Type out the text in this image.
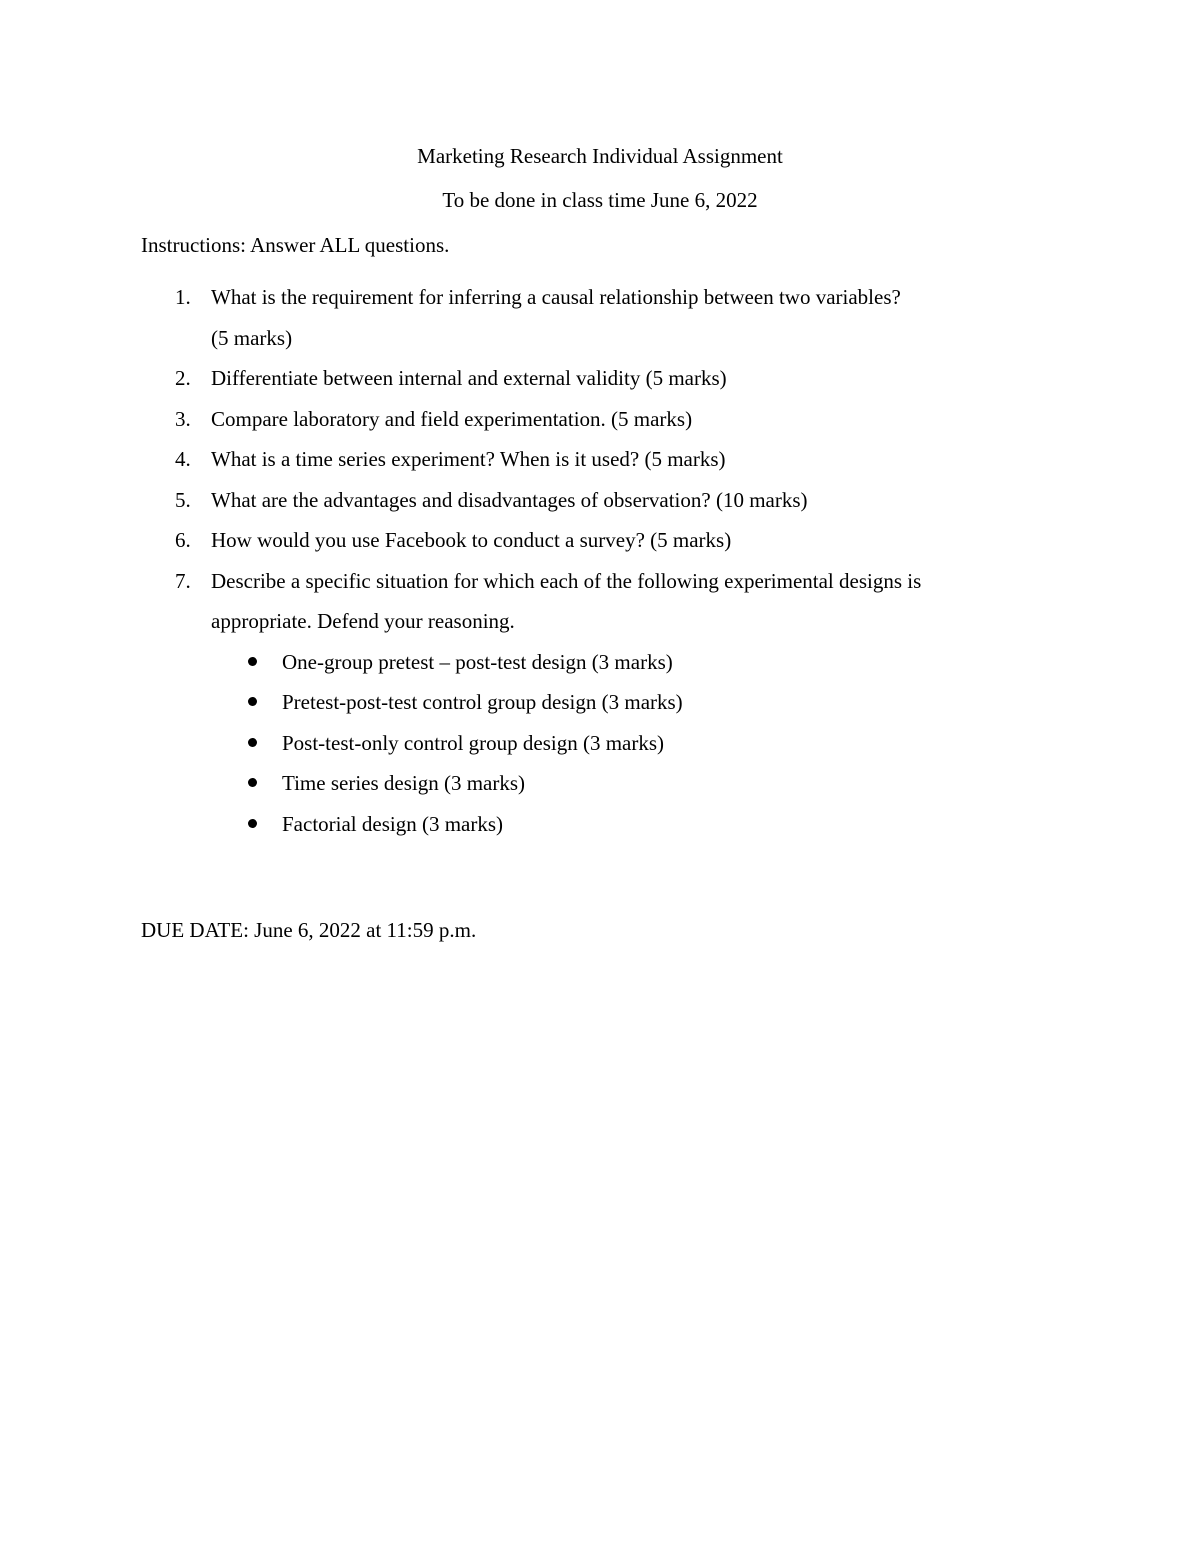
Marketing Research Individual Assignment
To be done in class time June 6, 2022
Instructions: Answer ALL questions.
1. What is the requirement for inferring a causal relationship between two variables?
(5 marks)
2. Differentiate between internal and external validity (5 marks)
3. Compare laboratory and field experimentation. (5 marks)
4. What is a time series experiment? When is it used? (5 marks)
5. What are the advantages and disadvantages of observation? (10 marks)
6. How would you use Facebook to conduct a survey? (5 marks)
7. Describe a specific situation for which each of the following experimental designs is
appropriate. Defend your reasoning.
One-group pretest – post-test design (3 marks)
Pretest-post-test control group design (3 marks)
Post-test-only control group design (3 marks)
Time series design (3 marks)
Factorial design (3 marks)
DUE DATE: June 6, 2022 at 11:59 p.m.
